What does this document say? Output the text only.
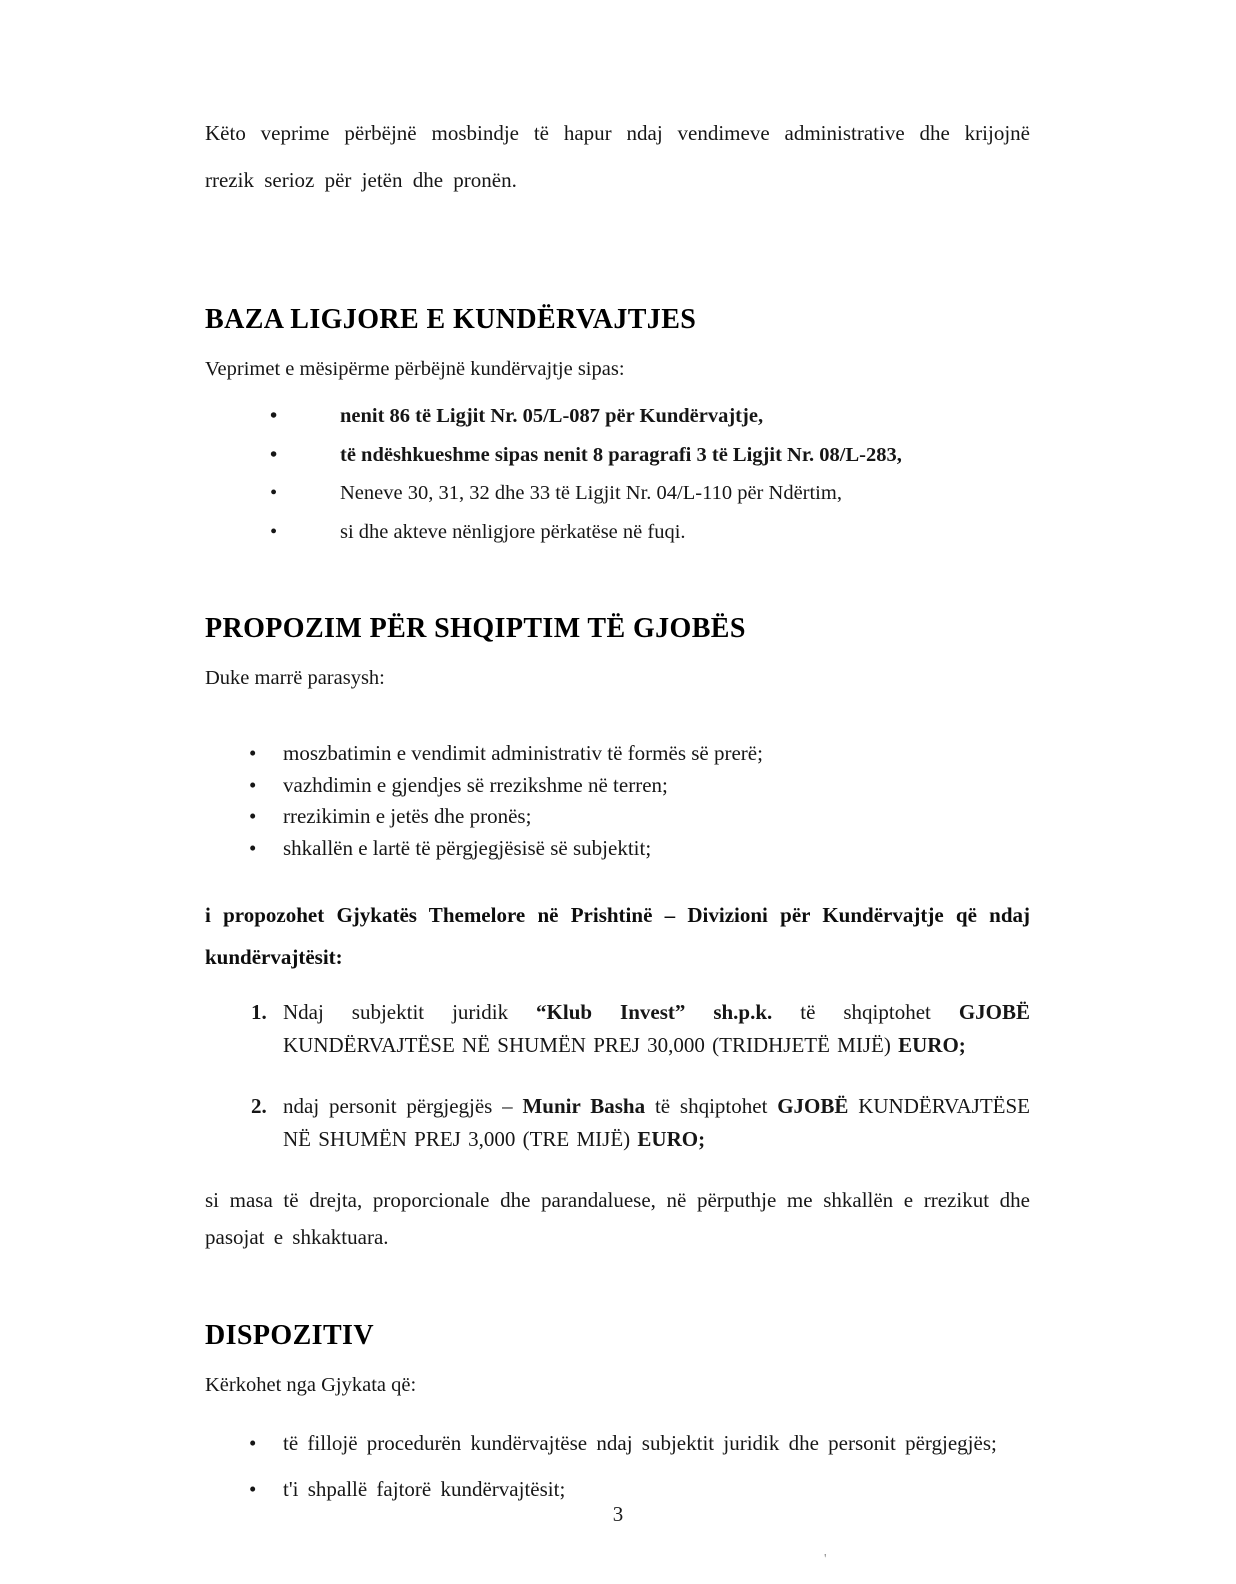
Këto veprime përbëjnë mosbindje të hapur ndaj vendimeve administrative dhe krijojnë rrezik serioz për jetën dhe pronën.

BAZA LIGJORE E KUNDËRVAJTJES

Veprimet e mësipërme përbëjnë kundërvajtje sipas:

•	nenit 86 të Ligjit Nr. 05/L-087 për Kundërvajtje,
•	të ndëshkueshme sipas nenit 8 paragrafi 3 të Ligjit Nr. 08/L-283,
•	Neneve 30, 31, 32 dhe 33 të Ligjit Nr. 04/L-110 për Ndërtim,
•	si dhe akteve nënligjore përkatëse në fuqi.
PROPOZIM PËR SHQIPTIM TË GJOBËS

Duke marrë parasysh:

• moszbatimin e vendimit administrativ të formës së prerë;
• vazhdimin e gjendjes së rrezikshme në terren;
• rrezikimin e jetës dhe pronës;
• shkallën e lartë të përgjegjësisë së subjektit;

i propozohet Gjykatës Themelore në Prishtinë – Divizioni për Kundërvajtje që ndaj kundërvajtësit:

1. Ndaj subjektit juridik “Klub Invest” sh.p.k. të shqiptohet GJOBË KUNDËRVAJTËSE NË SHUMËN PREJ 30,000 (TRIDHJETË MIJË) EURO;
2. ndaj personit përgjegjës – Munir Basha të shqiptohet GJOBË KUNDËRVAJTËSE NË SHUMËN PREJ 3,000 (TRE MIJË) EURO;

si masa të drejta, proporcionale dhe parandaluese, në përputhje me shkallën e rrezikut dhe pasojat e shkaktuara.

DISPOZITIV

Kërkohet nga Gjykata që:

• të fillojë procedurën kundërvajtëse ndaj subjektit juridik dhe personit përgjegjës;
• t'i shpallë fajtorë kundërvajtësit;
3
'
